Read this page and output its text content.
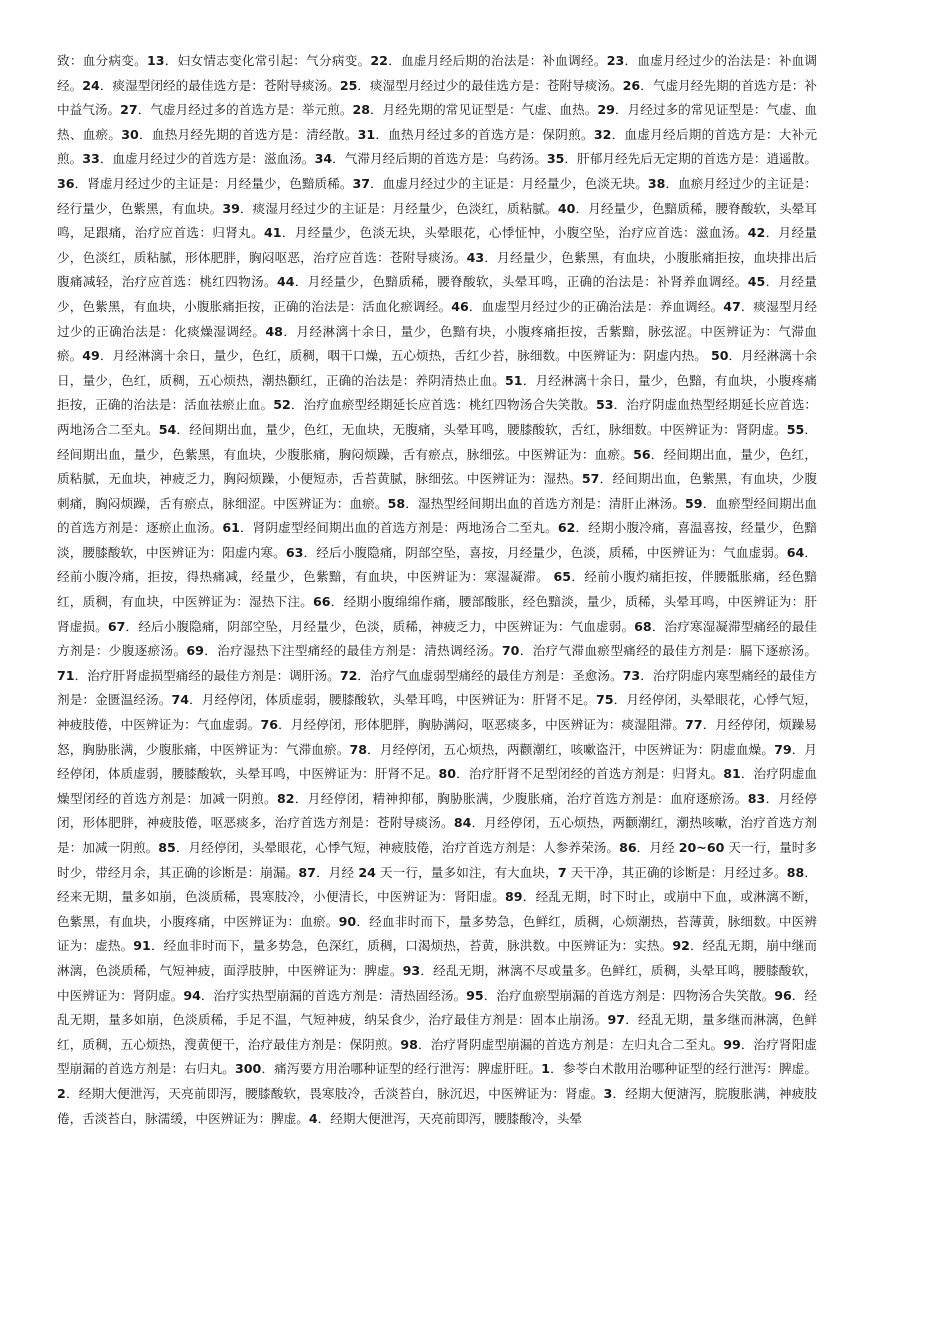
致：血分病变。13．妇女情志变化常引起：气分病变。22．血虚月经后期的治法是：补血调经。23．血虚月经过少的治法是：补血调经。24．痰湿型闭经的最佳选方是：苍附导痰汤。25．痰湿型月经过少的最佳选方是：苍附导痰汤。26．气虚月经先期的首选方是：补中益气汤。27．气虚月经过多的首选方是：举元煎。28．月经先期的常见证型是：气虚、血热。29．月经过多的常见证型是：气虚、血热、血瘀。30．血热月经先期的首选方是：清经散。31．血热月经过多的首选方是：保阴煎。32．血虚月经后期的首选方是：大补元煎。33．血虚月经过少的首选方是：滋血汤。34．气滞月经后期的首选方是：乌药汤。35．肝郁月经先后无定期的首选方是：逍遥散。36．肾虚月经过少的主证是：月经量少，色黯质稀。37．血虚月经过少的主证是：月经量少，色淡无块。38．血瘀月经过少的主证是：经行量少，色紫黑，有血块。39．痰湿月经过少的主证是：月经量少，色淡红，质粘腻。40．月经量少，色黯质稀，腰脊酸软，头晕耳鸣，足跟痛，治疗应首选：归肾丸。41．月经量少，色淡无块，头晕眼花，心悸怔忡，小腹空坠，治疗应首选：滋血汤。42．月经量少，色淡红，质粘腻，形体肥胖，胸闷呕恶，治疗应首选：苍附导痰汤。43．月经量少，色紫黑，有血块，小腹胀痛拒按，血块排出后腹痛减轻，治疗应首选：桃红四物汤。44．月经量少，色黯质稀，腰脊酸软，头晕耳鸣，正确的治法是：补肾养血调经。45．月经量少，色紫黑，有血块，小腹胀痛拒按，正确的治法是：活血化瘀调经。46．血虚型月经过少的正确治法是：养血调经。47．痰湿型月经过少的正确治法是：化痰燥湿调经。48．月经淋漓十余日，量少，色黯有块，小腹疼痛拒按，舌紫黯，脉弦涩。中医辨证为：气滞血瘀。49．月经淋漓十余日，量少，色红，质稠，咽干口燥，五心烦热，舌红少苔，脉细数。中医辨证为：阴虚内热。 50．月经淋漓十余日，量少，色红，质稠，五心烦热，潮热颧红，正确的治法是：养阴清热止血。51．月经淋漓十余日，量少，色黯，有血块，小腹疼痛拒按，正确的治法是：活血祛瘀止血。52．治疗血瘀型经期延长应首选：桃红四物汤合失笑散。53．治疗阴虚血热型经期延长应首选：两地汤合二至丸。54．经间期出血，量少，色红，无血块，无腹痛，头晕耳鸣，腰膝酸软，舌红，脉细数。中医辨证为：肾阴虚。55．经间期出血，量少，色紫黑，有血块，少腹胀痛，胸闷烦躁，舌有瘀点，脉细弦。中医辨证为：血瘀。56．经间期出血，量少，色红，质粘腻，无血块，神疲乏力，胸闷烦躁，小便短赤，舌苔黄腻，脉细弦。中医辨证为：湿热。57．经间期出血，色紫黑，有血块，少腹刺痛，胸闷烦躁，舌有瘀点，脉细涩。中医辨证为：血瘀。58．湿热型经间期出血的首选方剂是：清肝止淋汤。59．血瘀型经间期出血的首选方剂是：逐瘀止血汤。61．肾阴虚型经间期出血的首选方剂是：两地汤合二至丸。62．经期小腹冷痛，喜温喜按，经量少，色黯淡，腰膝酸软，中医辨证为：阳虚内寒。63．经后小腹隐痛，阴部空坠，喜按，月经量少，色淡，质稀，中医辨证为：气血虚弱。64．经前小腹冷痛，拒按，得热痛减，经量少，色紫黯，有血块，中医辨证为：寒湿凝滞。 65．经前小腹灼痛拒按，伴腰骶胀痛，经色黯红，质稠，有血块，中医辨证为：湿热下注。66．经期小腹绵绵作痛，腰部酸胀，经色黯淡，量少，质稀，头晕耳鸣，中医辨证为：肝肾虚损。67．经后小腹隐痛，阴部空坠，月经量少，色淡，质稀，神疲乏力，中医辨证为：气血虚弱。68．治疗寒湿凝滞型痛经的最佳方剂是：少腹逐瘀汤。69．治疗湿热下注型痛经的最佳方剂是：清热调经汤。70．治疗气滞血瘀型痛经的最佳方剂是：膈下逐瘀汤。71．治疗肝肾虚损型痛经的最佳方剂是：调肝汤。72．治疗气血虚弱型痛经的最佳方剂是：圣愈汤。73．治疗阴虚内寒型痛经的最佳方剂是：金匮温经汤。74．月经停闭，体质虚弱，腰膝酸软，头晕耳鸣，中医辨证为：肝肾不足。75．月经停闭，头晕眼花，心悸气短，神疲肢倦，中医辨证为：气血虚弱。76．月经停闭，形体肥胖，胸胁满闷，呕恶痰多，中医辨证为：痰湿阻滞。77．月经停闭，烦躁易怒，胸胁胀满，少腹胀痛，中医辨证为：气滞血瘀。78．月经停闭，五心烦热，两颧潮红，咳嗽盗汗，中医辨证为：阴虚血燥。79．月经停闭，体质虚弱，腰膝酸软，头晕耳鸣，中医辨证为：肝肾不足。80．治疗肝肾不足型闭经的首选方剂是：归肾丸。81．治疗阴虚血燥型闭经的首选方剂是：加减一阴煎。82．月经停闭，精神抑郁，胸胁胀满，少腹胀痛，治疗首选方剂是：血府逐瘀汤。83．月经停闭，形体肥胖，神疲肢倦，呕恶痰多，治疗首选方剂是：苍附导痰汤。84．月经停闭，五心烦热，两颧潮红，潮热咳嗽，治疗首选方剂是：加减一阴煎。85．月经停闭，头晕眼花，心悸气短，神疲肢倦，治疗首选方剂是：人参养荣汤。86．月经 20~60 天一行，量时多时少，带经月余，其正确的诊断是：崩漏。87．月经 24 天一行，量多如注，有大血块，7 天干净，其正确的诊断是：月经过多。88．经来无期，量多如崩，色淡质稀，畏寒肢冷，小便清长，中医辨证为：肾阳虚。89．经乱无期，时下时止，或崩中下血，或淋漓不断，色紫黑，有血块，小腹疼痛，中医辨证为：血瘀。90．经血非时而下，量多势急，色鲜红，质稠，心烦潮热，苔薄黄，脉细数。中医辨证为：虚热。91．经血非时而下，量多势急，色深红，质稠，口渴烦热，苔黄，脉洪数。中医辨证为：实热。92．经乱无期，崩中继而淋漓，色淡质稀，气短神疲，面浮肢肿，中医辨证为：脾虚。93．经乱无期，淋漓不尽或量多。色鲜红，质稠，头晕耳鸣，腰膝酸软，中医辨证为：肾阴虚。94．治疗实热型崩漏的首选方剂是：清热固经汤。95．治疗血瘀型崩漏的首选方剂是：四物汤合失笑散。96．经乱无期，量多如崩，色淡质稀，手足不温，气短神疲，纳呆食少，治疗最佳方剂是：固本止崩汤。97．经乱无期，量多继而淋漓，色鲜红，质稠，五心烦热，溲黄便干，治疗最佳方剂是：保阴煎。98．治疗肾阴虚型崩漏的首选方剂是：左归丸合二至丸。99．治疗肾阳虚型崩漏的首选方剂是：右归丸。300．痛泻要方用治哪种证型的经行泄泻：脾虚肝旺。1．参苓白术散用治哪种证型的经行泄泻：脾虚。2．经期大便泄泻，天亮前即泻，腰膝酸软，畏寒肢冷，舌淡苔白，脉沉迟，中医辨证为：肾虚。3．经期大便溏泻，脘腹胀满，神疲肢倦，舌淡苔白，脉濡缓，中医辨证为：脾虚。4．经期大便泄泻，天亮前即泻，腰膝酸冷，头晕
